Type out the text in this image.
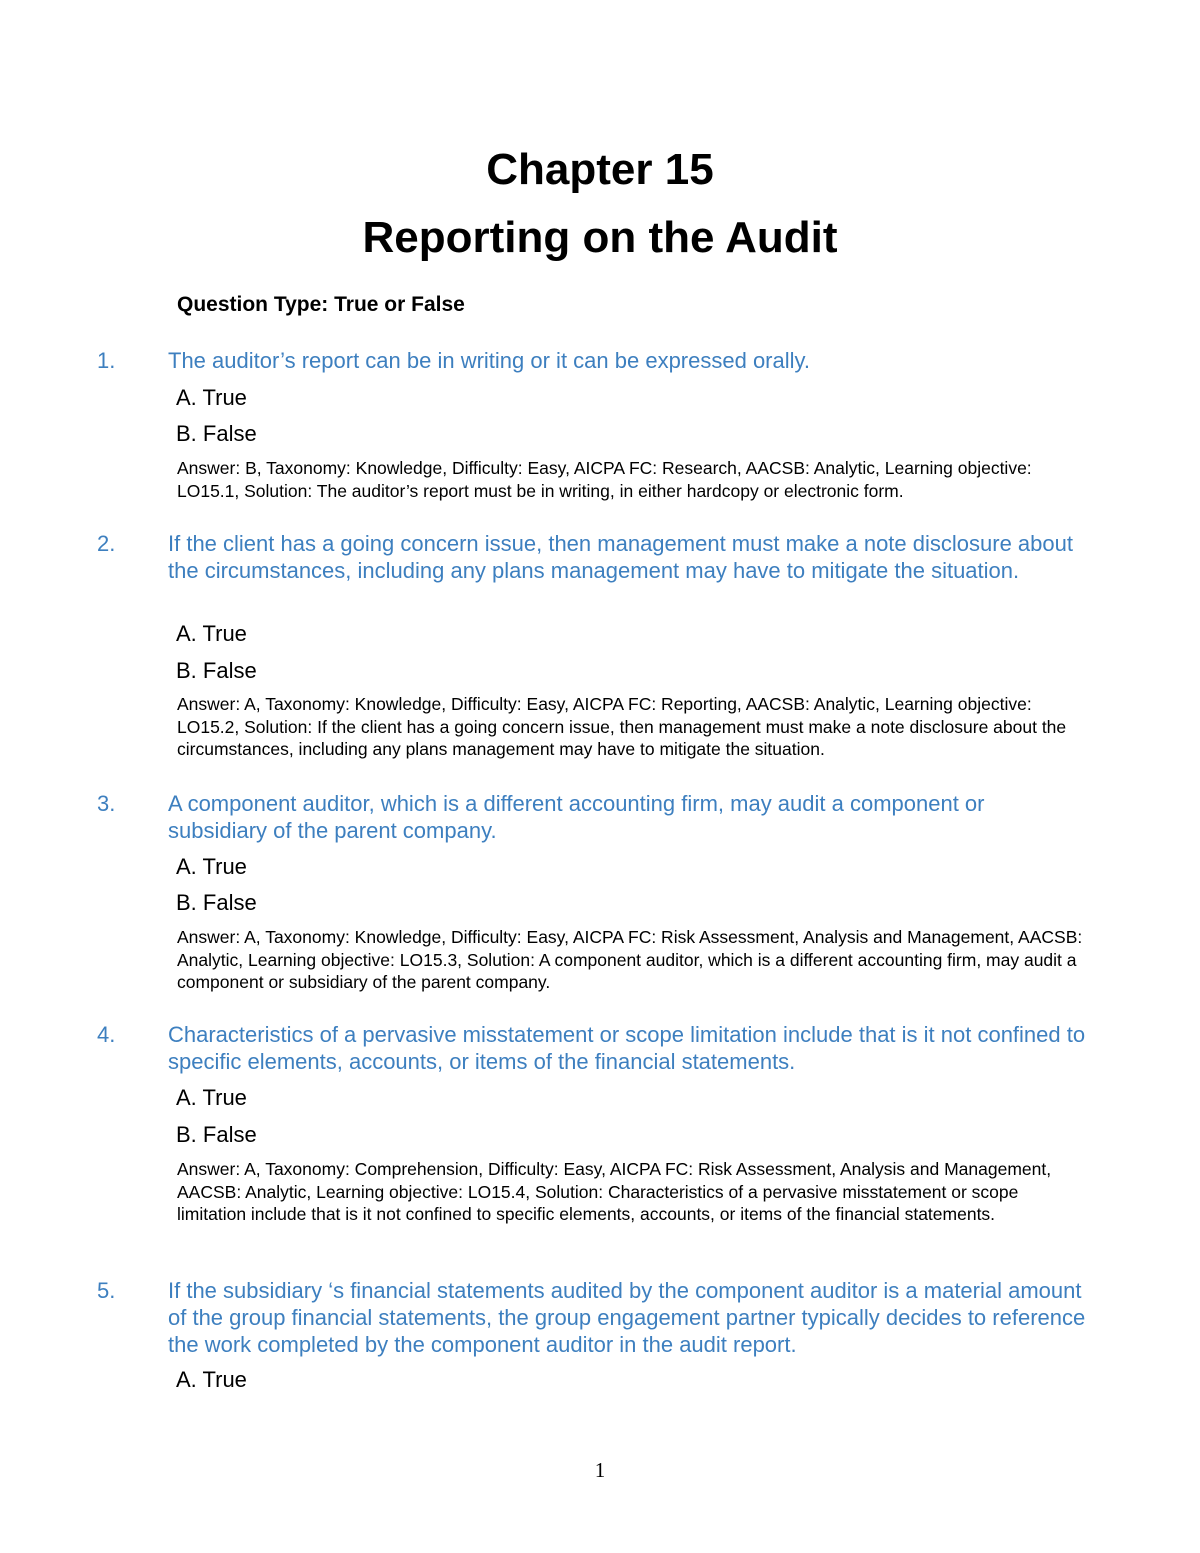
Chapter 15
Reporting on the Audit

Question Type: True or False

1. The auditor’s report can be in writing or it can be expressed orally.

A. True

B. False

Answer: B, Taxonomy: Knowledge, Difficulty: Easy, AICPA FC: Research, AACSB: Analytic, Learning objective: LO15.1, Solution: The auditor’s report must be in writing, in either hardcopy or electronic form.

2. If the client has a going concern issue, then management must make a note disclosure about the circumstances, including any plans management may have to mitigate the situation.

A. True

B. False

Answer: A, Taxonomy: Knowledge, Difficulty: Easy, AICPA FC: Reporting, AACSB: Analytic, Learning objective: LO15.2, Solution: If the client has a going concern issue, then management must make a note disclosure about the circumstances, including any plans management may have to mitigate the situation.

3. A component auditor, which is a different accounting firm, may audit a component or subsidiary of the parent company.

A. True

B. False

Answer: A, Taxonomy: Knowledge, Difficulty: Easy, AICPA FC: Risk Assessment, Analysis and Management, AACSB: Analytic, Learning objective: LO15.3, Solution: A component auditor, which is a different accounting firm, may audit a component or subsidiary of the parent company.

4. Characteristics of a pervasive misstatement or scope limitation include that is it not confined to specific elements, accounts, or items of the financial statements.

A. True

B. False

Answer: A, Taxonomy: Comprehension, Difficulty: Easy, AICPA FC: Risk Assessment, Analysis and Management, AACSB: Analytic, Learning objective: LO15.4, Solution: Characteristics of a pervasive misstatement or scope limitation include that is it not confined to specific elements, accounts, or items of the financial statements.

5. If the subsidiary ‘s financial statements audited by the component auditor is a material amount of the group financial statements, the group engagement partner typically decides to reference the work completed by the component auditor in the audit report.

A. True

1
